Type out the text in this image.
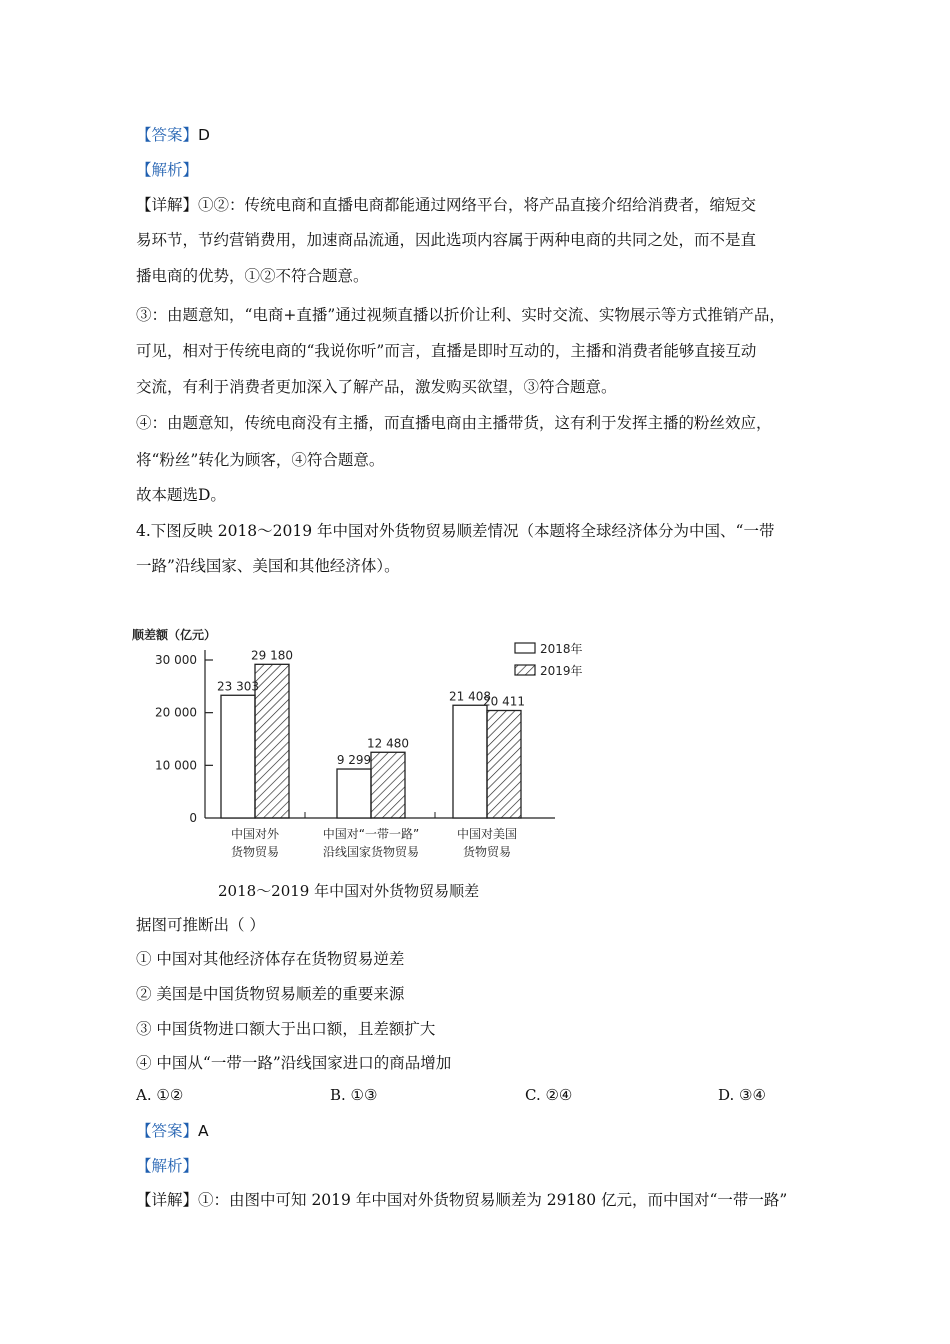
【答案】D
【解析】
【详解】①②：传统电商和直播电商都能通过网络平台，将产品直接介绍给消费者，缩短交
易环节，节约营销费用，加速商品流通，因此选项内容属于两种电商的共同之处，而不是直
播电商的优势，①②不符合题意。
③：由题意知，“电商+直播”通过视频直播以折价让利、实时交流、实物展示等方式推销产品，
可见，相对于传统电商的“我说你听”而言，直播是即时互动的，主播和消费者能够直接互动
交流，有利于消费者更加深入了解产品，激发购买欲望，③符合题意。
④：由题意知，传统电商没有主播，而直播电商由主播带货，这有利于发挥主播的粉丝效应，
将“粉丝”转化为顾客，④符合题意。
故本题选D。
4.下图反映 2018～2019 年中国对外货物贸易顺差情况（本题将全球经济体分为中国、“一带
一路”沿线国家、美国和其他经济体）。
顺差额（亿元）
0
10 000
20 000
30 000
23 303
29 180
9 299
12 480
21 408
20 411
中国对外
货物贸易
中国对“一带一路”
沿线国家货物贸易
中国对美国
货物贸易
2018年
2019年
2018～2019 年中国对外货物贸易顺差
据图可推断出（ ）
① 中国对其他经济体存在货物贸易逆差
② 美国是中国货物贸易顺差的重要来源
③ 中国货物进口额大于出口额，且差额扩大
④ 中国从“一带一路”沿线国家进口的商品增加
A. ①②	B. ①③	C. ②④	D. ③④
【答案】A
【解析】
【详解】①：由图中可知 2019 年中国对外货物贸易顺差为 29180 亿元，而中国对“一带一路”
